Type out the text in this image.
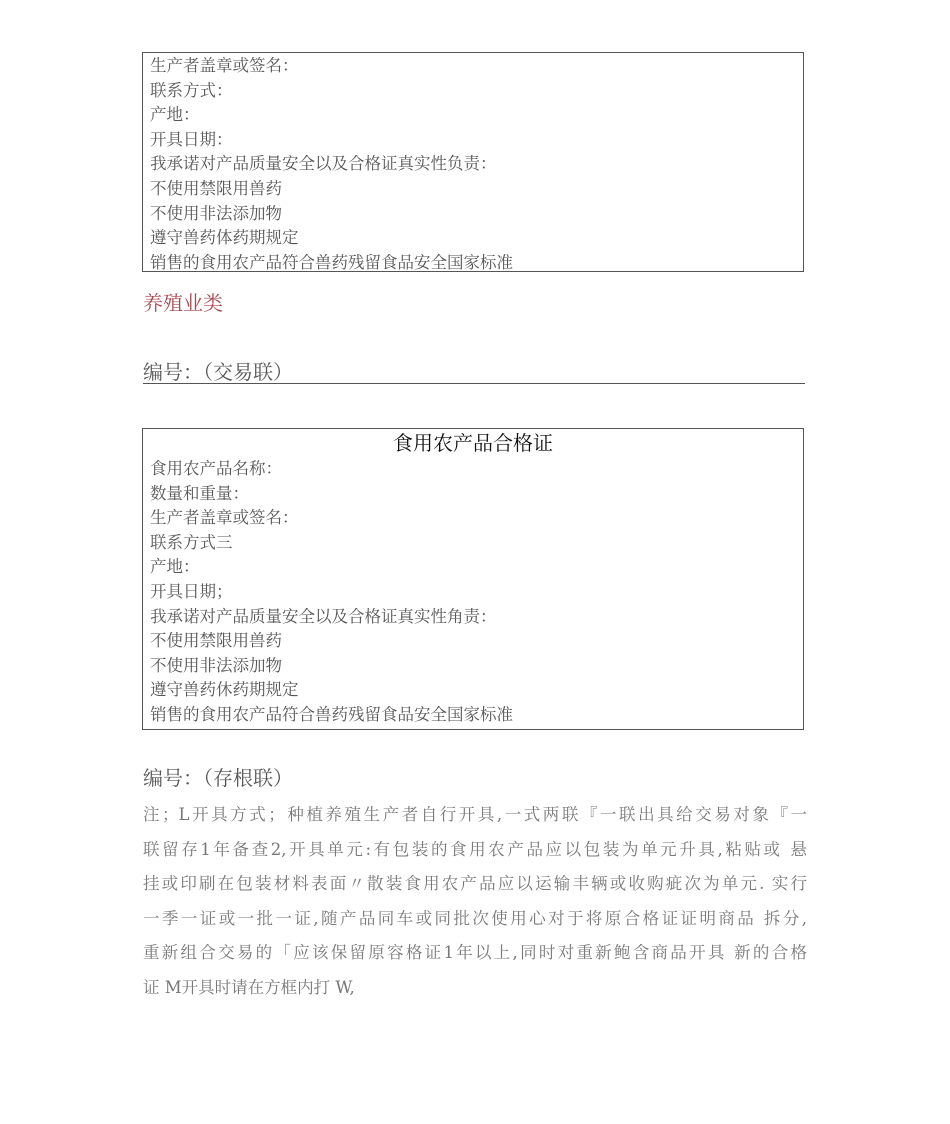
生产者盖章或签名：
联系方式：
产地：
开具日期：
我承诺对产品质量安全以及合格证真实性负责：
不使用禁限用兽药
不使用非法添加物
遵守兽药体药期规定
销售的食用农产品符合兽药残留食品安全国家标准
养殖业类
编号：（交易联）
食用农产品合格证
食用农产品名称：
数量和重量：
生产者盖章或签名：
联系方式三
产地：
开具日期；
我承诺对产品质量安全以及合格证真实性角责：
不使用禁限用兽药
不使用非法添加物
遵守兽药休药期规定
销售的食用农产品符合兽药残留食品安全国家标准
编号：（存根联）

注；L开具方式；种植养殖生产者自行开具,一式两联『一联出具给交易对象『一

联留存1年备查2,开具单元:有包装的食用农产品应以包装为单元升具,粘贴或 悬

挂或印刷在包装材料表面〃散装食用农产品应以运输丰辆或收购疵次为单元. 实行

一季一证或一批一证,随产品同车或同批次使用心对于将原合格证证明商品 拆分,

重新组合交易的「应该保留原容格证1年以上,同时对重新鲍含商品开具 新的合格

证 M开具时请在方框内打 W,
